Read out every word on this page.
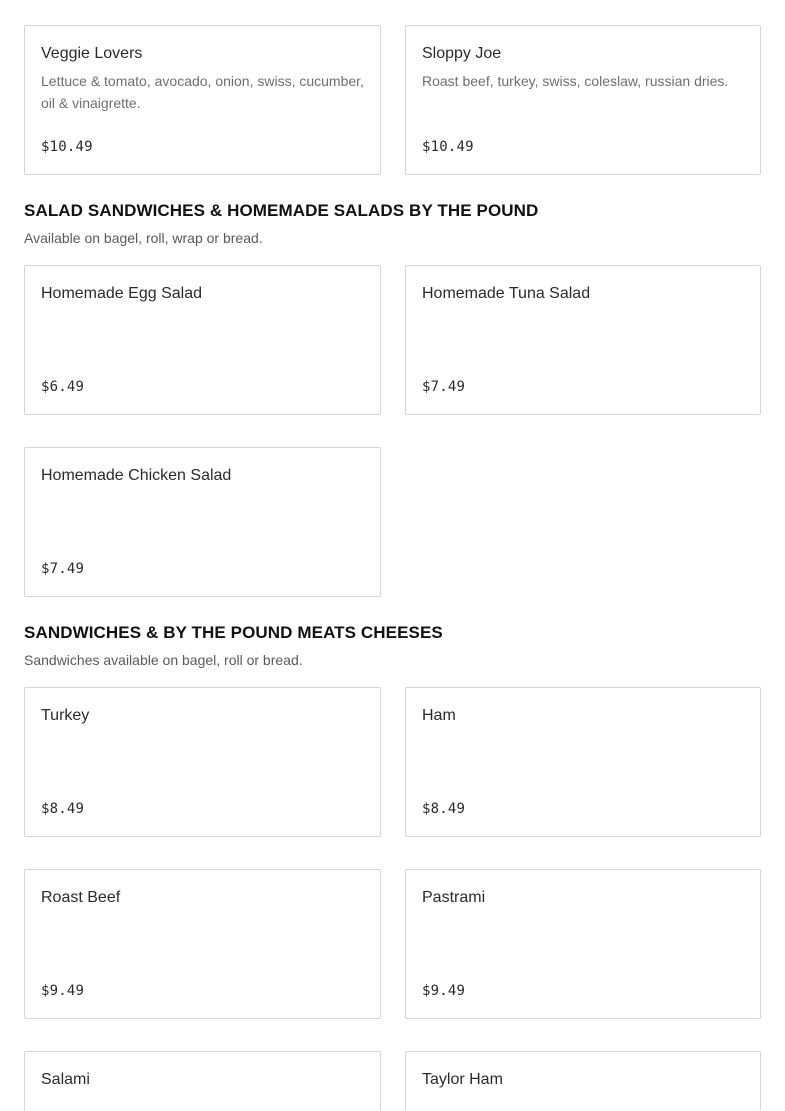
Veggie Lovers
Lettuce & tomato, avocado, onion, swiss, cucumber, oil & vinaigrette.
$10.49
Sloppy Joe
Roast beef, turkey, swiss, coleslaw, russian dries.
$10.49
SALAD SANDWICHES & HOMEMADE SALADS BY THE POUND
Available on bagel, roll, wrap or bread.
Homemade Egg Salad
$6.49
Homemade Tuna Salad
$7.49
Homemade Chicken Salad
$7.49
SANDWICHES & BY THE POUND MEATS CHEESES
Sandwiches available on bagel, roll or bread.
Turkey
$8.49
Ham
$8.49
Roast Beef
$9.49
Pastrami
$9.49
Salami	Taylor Ham
